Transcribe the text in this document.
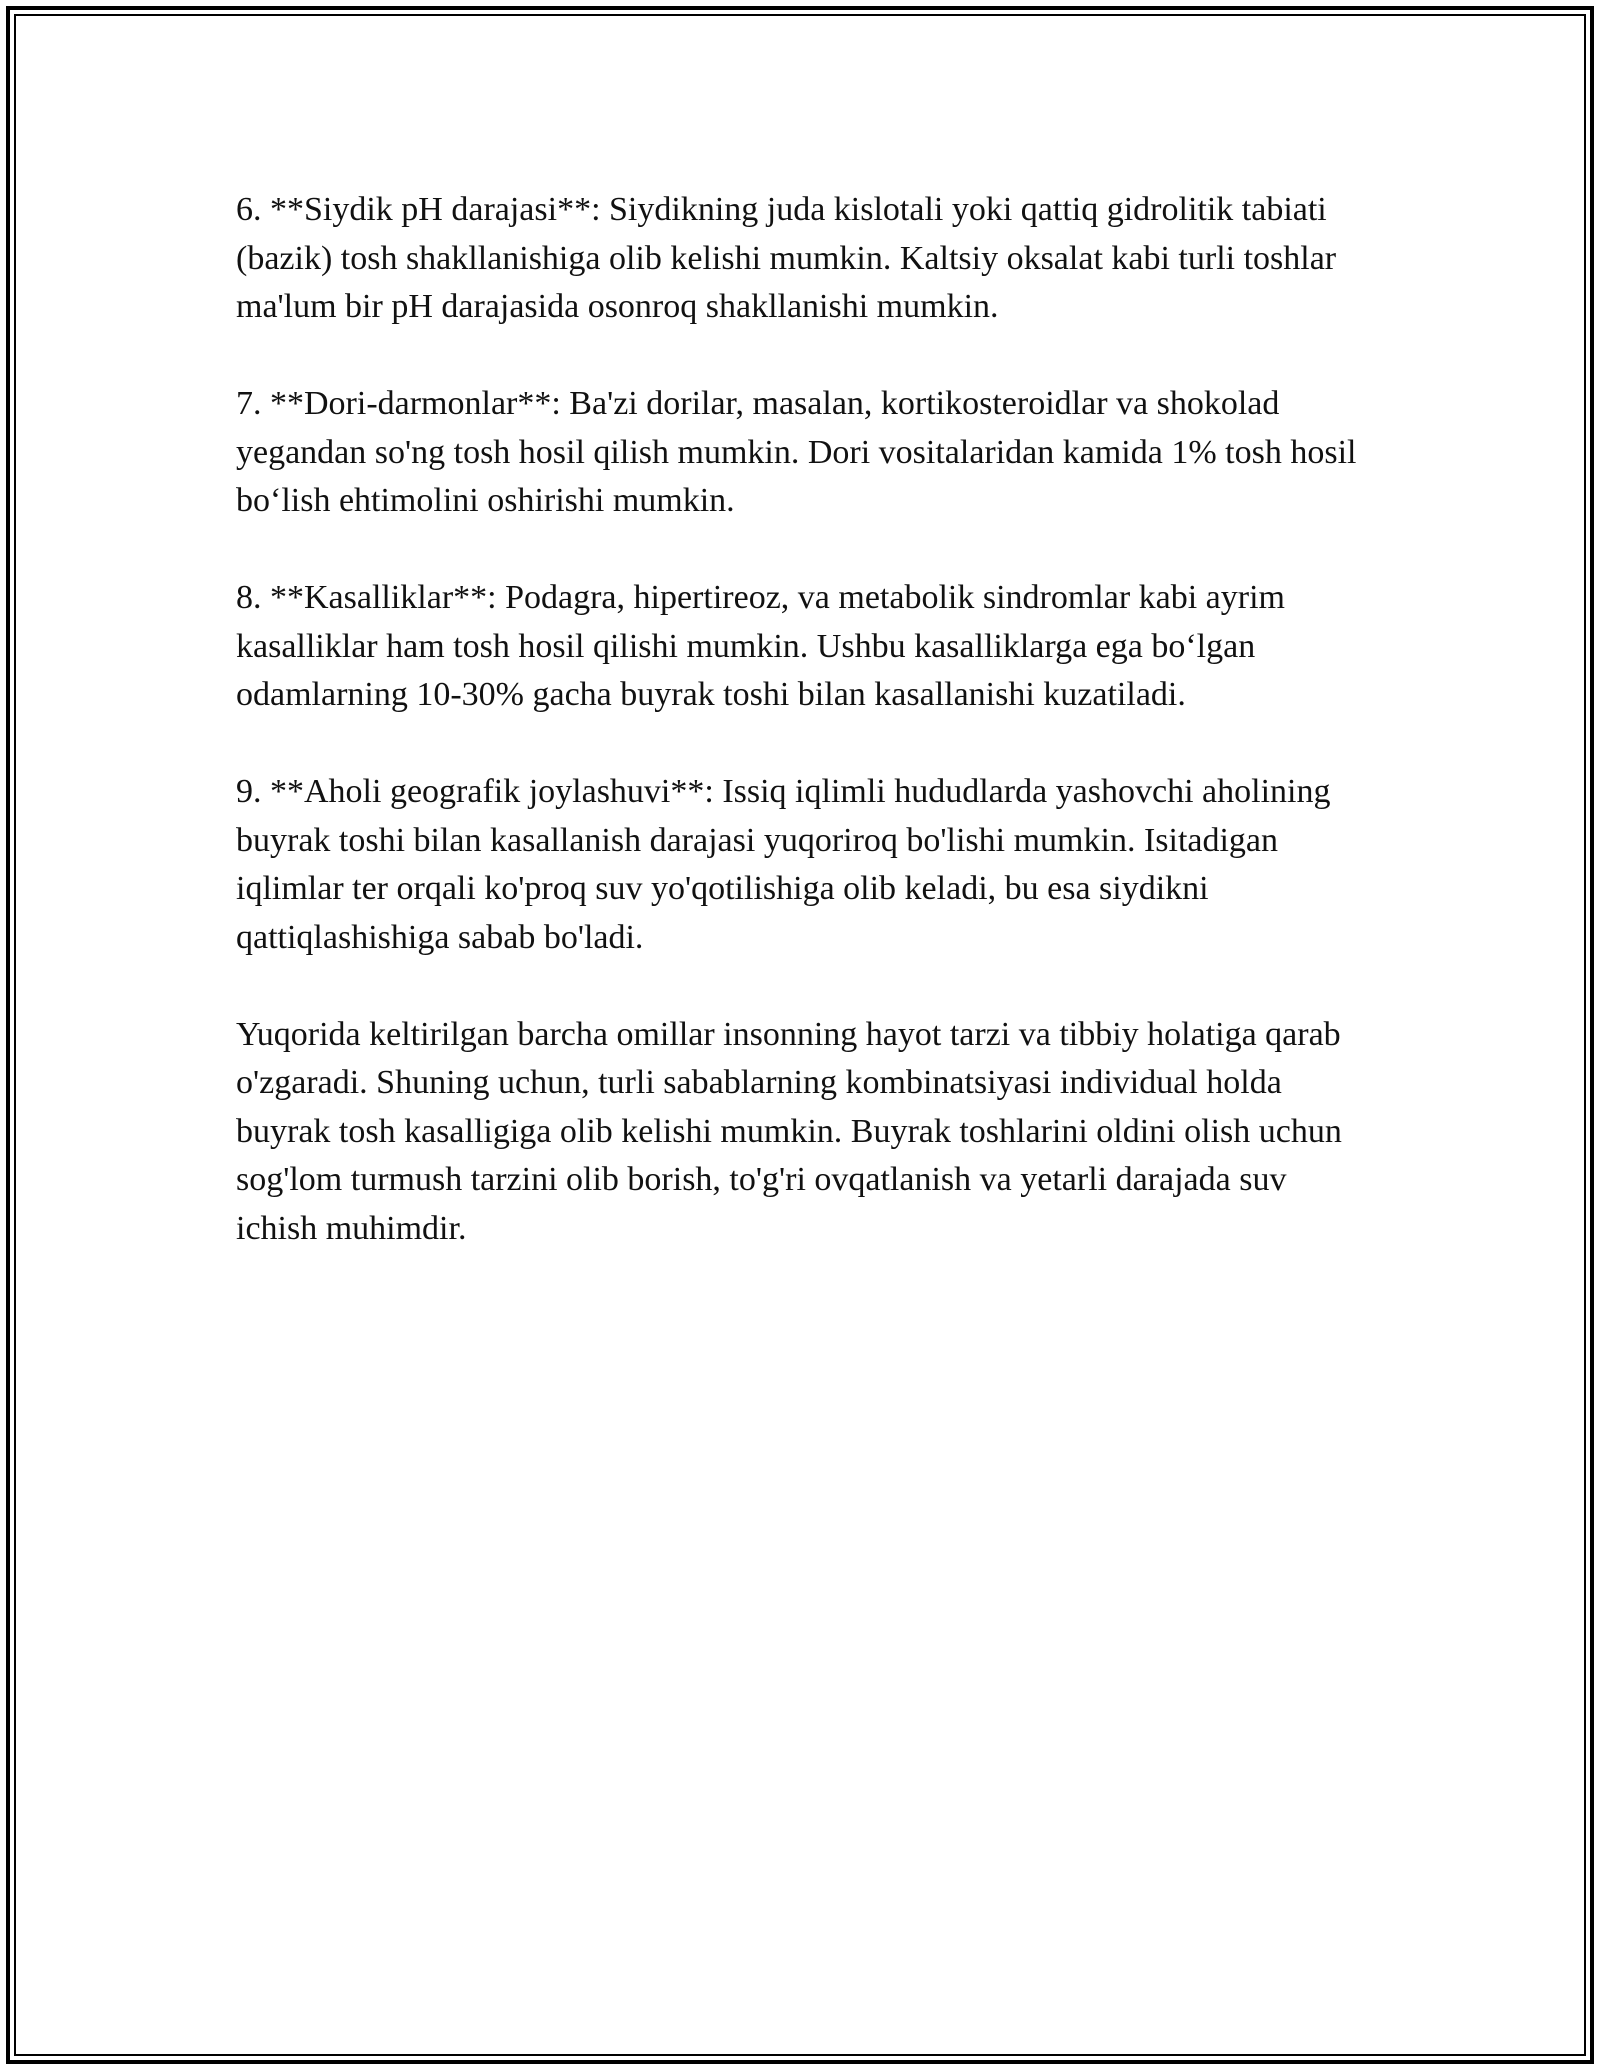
6. **Siydik pH darajasi**: Siydikning juda kislotali yoki qattiq gidrolitik tabiati (bazik) tosh shakllanishiga olib kelishi mumkin. Kaltsiy oksalat kabi turli toshlar ma'lum bir pH darajasida osonroq shakllanishi mumkin.

7. **Dori-darmonlar**: Ba'zi dorilar, masalan, kortikosteroidlar va shokolad yegandan so'ng tosh hosil qilish mumkin. Dori vositalaridan kamida 1% tosh hosil bo‘lish ehtimolini oshirishi mumkin.

8. **Kasalliklar**: Podagra, hipertireoz, va metabolik sindromlar kabi ayrim kasalliklar ham tosh hosil qilishi mumkin. Ushbu kasalliklarga ega bo‘lgan odamlarning 10-30% gacha buyrak toshi bilan kasallanishi kuzatiladi.

9. **Aholi geografik joylashuvi**: Issiq iqlimli hududlarda yashovchi aholining buyrak toshi bilan kasallanish darajasi yuqoriroq bo'lishi mumkin. Isitadigan iqlimlar ter orqali ko'proq suv yo'qotilishiga olib keladi, bu esa siydikni qattiqlashishiga sabab bo'ladi.

Yuqorida keltirilgan barcha omillar insonning hayot tarzi va tibbiy holatiga qarab o'zgaradi. Shuning uchun, turli sabablarning kombinatsiyasi individual holda buyrak tosh kasalligiga olib kelishi mumkin. Buyrak toshlarini oldini olish uchun sog'lom turmush tarzini olib borish, to'g'ri ovqatlanish va yetarli darajada suv ichish muhimdir.
